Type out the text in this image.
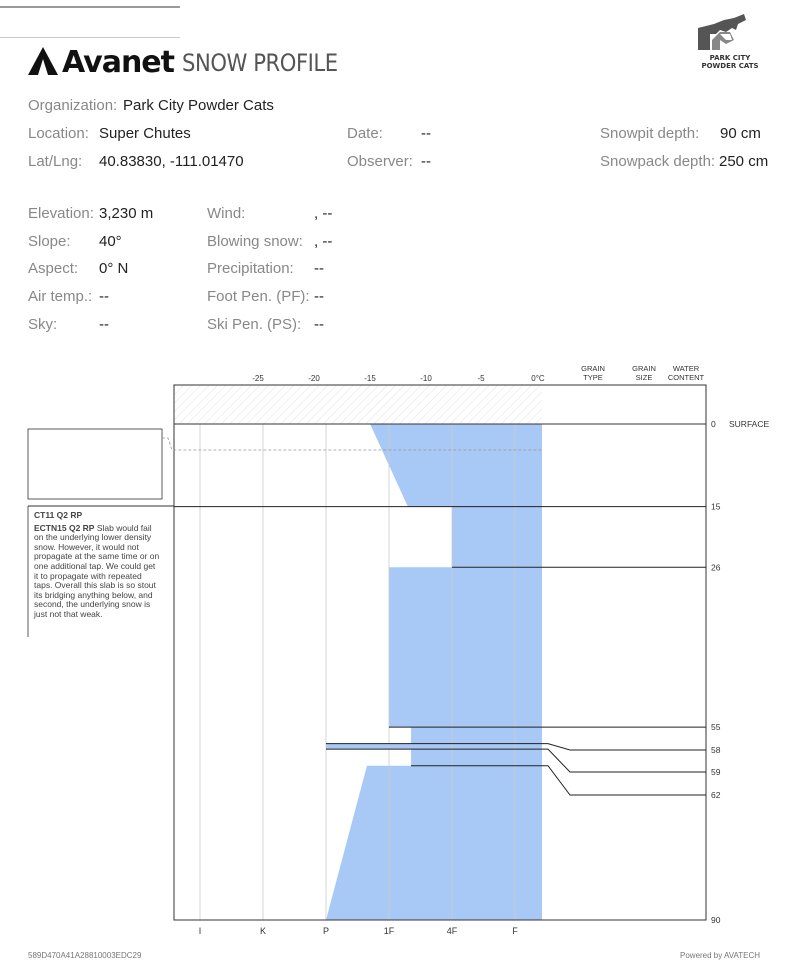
Avanet SNOW PROFILE	PARK CITY
POWDER CATS
Organization: Park City Powder Cats
Location: Super Chutes
Lat/Lng: 40.83830, -111.01470
Date:	--
Observer: --
Snowpit depth: 90 cm
Snowpack depth: 250 cm
Elevation: 3,230 m
Slope: 40°
Aspect: 0° N
Air temp.: --
Sky:	--
Wind:	, --
Blowing snow: , --
Precipitation: --
Foot Pen. (PF): --
Ski Pen. (PS): --
CT11 Q2 RP
ECTN15 Q2 RP Slab would fail on the underlying lower density snow. However, it would not propagate at the same time or on one additional tap. We could get it to propagate with repeated taps. Overall this slab is so stout its bridging anything below, and second, the underlying snow is just not that weak.
-25	-20	-15	-10	-5	0°C
GRAIN
TYPE
GRAIN
SIZE
WATER
CONTENT
I	K	P	1F	4F	F
0
15
26
55
58
59
62
90
SURFACE
589D470A41A28810003EDC29	Powered by AVATECH
